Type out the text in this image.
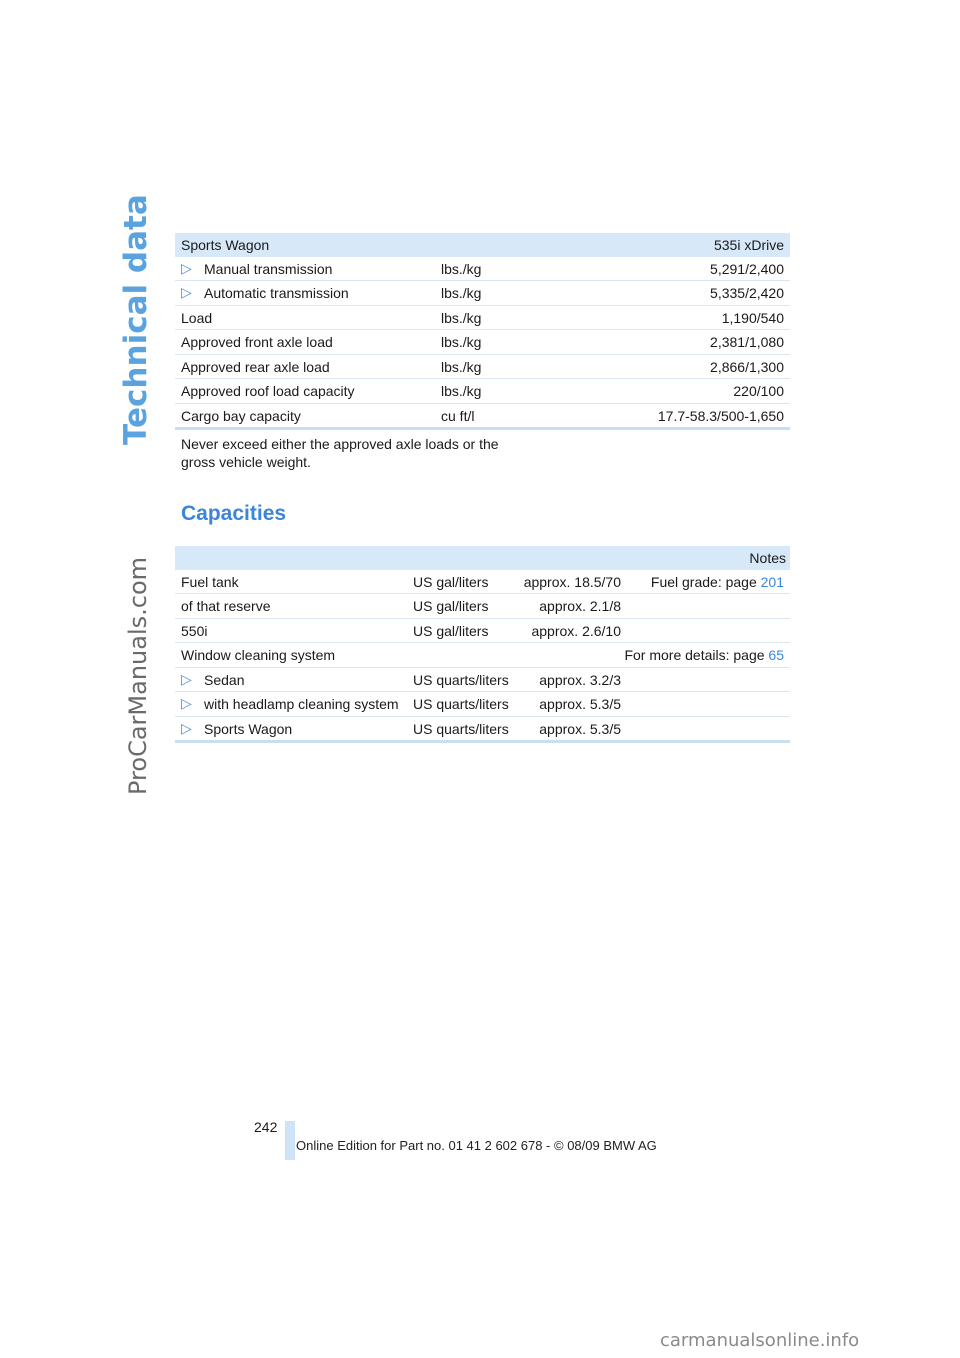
Technical data
ProCarManuals.com
Sports Wagon	535i xDrive
▷ Manual transmission	lbs./kg	5,291/2,400
▷ Automatic transmission	lbs./kg	5,335/2,420
Load	lbs./kg	1,190/540
Approved front axle load	lbs./kg	2,381/1,080
Approved rear axle load	lbs./kg	2,866/1,300
Approved roof load capacity	lbs./kg	220/100
Cargo bay capacity	cu ft/l	17.7-58.3/500-1,650
Never exceed either the approved axle loads or the gross vehicle weight.
Capacities
Notes
Fuel tank	US gal/liters	approx. 18.5/70 Fuel grade: page 201
of that reserve	US gal/liters	approx. 2.1/8
550i	US gal/liters	approx. 2.6/10
Window cleaning system	For more details: page 65
▷ Sedan	US quarts/liters approx. 3.2/3
▷ with headlamp cleaning system US quarts/liters approx. 5.3/5
▷ Sports Wagon	US quarts/liters approx. 5.3/5
242
Online Edition for Part no. 01 41 2 602 678 - © 08/09 BMW AG
carmanualsonline.info
